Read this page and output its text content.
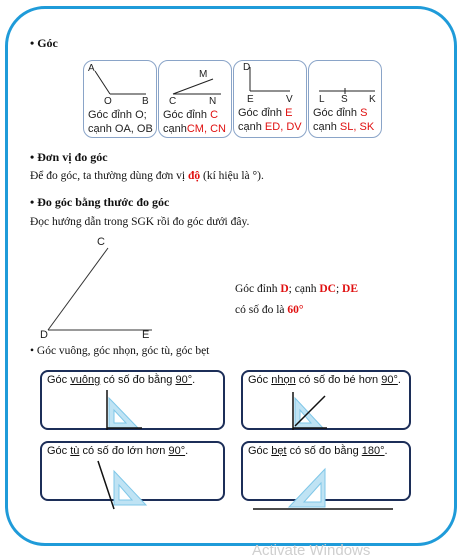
• Góc
A
O	B
Góc đỉnh O;
cạnh OA, OB
M
C	N
Góc đỉnh C
cạnhCM, CN
D
E	V
Góc đỉnh E
cạnh ED, DV
L S K
Góc đỉnh S
cạnh SL, SK
• Đơn vị đo góc
Để đo góc, ta thường dùng đơn vị độ (kí hiệu là °).
• Đo góc bằng thước đo góc
Đọc hướng dẫn trong SGK rồi đo góc dưới đây.
C
D	E
Góc đỉnh D; cạnh DC; DE
có số đo là 60°
• Góc vuông, góc nhọn, góc tù, góc bẹt
Góc vuông có số đo bằng 90°.	Góc nhọn có số đo bé hơn 90°.
Góc tù có số đo lớn hơn 90°.	Góc bẹt có số đo bằng 180°.
Activate Windows
